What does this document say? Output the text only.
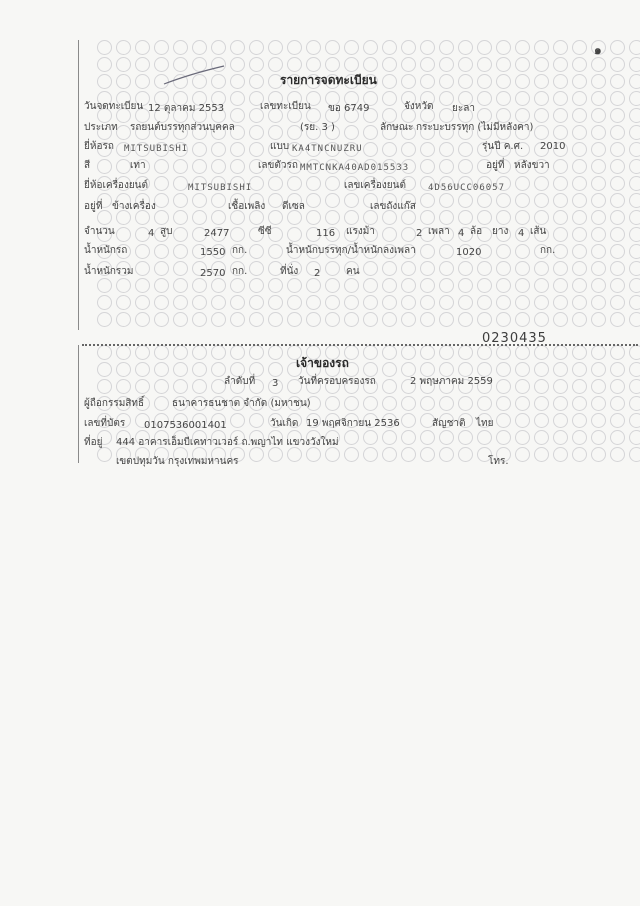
๑
รายการจดทะเบียน
วันจดทะเบียน 12 ตุลาคม 2553	เลขทะเบียน ขอ 6749	จังหวัด ยะลา
ประเภท รถยนต์บรรทุกส่วนบุคคล	(รย. 3 )	ลักษณะ กระบะบรรทุก (ไม่มีหลังคา)
ยี่ห้อรถ MITSUBISHI	แบบ KA4TNCNUZRU	รุ่นปี ค.ศ. 2010
สี	เทา	เลขตัวรถ MMTCNKA40AD015533	อยู่ที่ หลังขวา
ยี่ห้อเครื่องยนต์	MITSUBISHI	เลขเครื่องยนต์ 4D56UCC06057
อยู่ที่ ข้างเครื่อง	เชื้อเพลิง ดีเซล	เลขถังแก๊ส
จำนวน	4 สูบ	2477	ซีซี	116 แรงม้า	2 เพลา 4 ล้อ ยาง 4 เส้น
น้ำหนักรถ	1550 กก.	น้ำหนักบรรทุก/น้ำหนักลงเพลา	1020	กก.
น้ำหนักรวม	2570 กก.	ที่นั่ง 2	คน
0230435
เจ้าของรถ
ลำดับที่ 3 วันที่ครอบครองรถ	2 พฤษภาคม 2559
ผู้ถือกรรมสิทธิ์	ธนาคารธนชาต จำกัด (มหาชน)
เลขที่บัตร 0107536001401	วันเกิด 19 พฤศจิกายน 2536	สัญชาติ ไทย
ที่อยู่ 444 อาคารเอ็มบีเคทาวเวอร์ ถ.พญาไท แขวงวังใหม่
เขตปทุมวัน กรุงเทพมหานคร	โทร.
